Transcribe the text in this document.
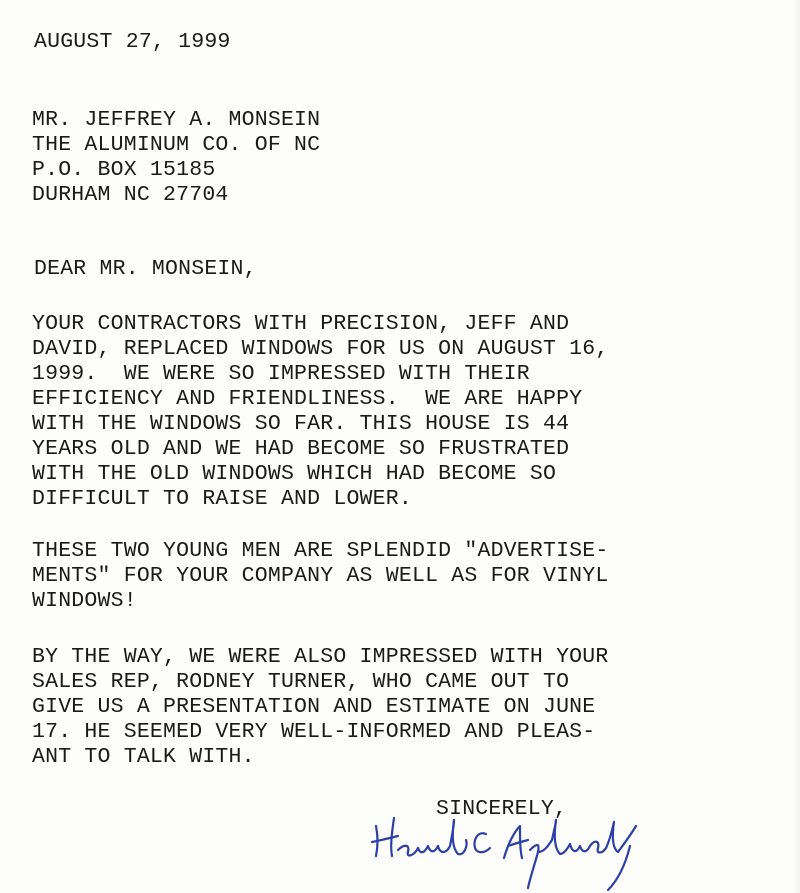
AUGUST 27, 1999
MR. JEFFREY A. MONSEIN
THE ALUMINUM CO. OF NC
P.O. BOX 15185
DURHAM NC 27704
DEAR MR. MONSEIN,
YOUR CONTRACTORS WITH PRECISION, JEFF AND
DAVID, REPLACED WINDOWS FOR US ON AUGUST 16,
1999.  WE WERE SO IMPRESSED WITH THEIR
EFFICIENCY AND FRIENDLINESS.  WE ARE HAPPY
WITH THE WINDOWS SO FAR. THIS HOUSE IS 44
YEARS OLD AND WE HAD BECOME SO FRUSTRATED
WITH THE OLD WINDOWS WHICH HAD BECOME SO
DIFFICULT TO RAISE AND LOWER.
THESE TWO YOUNG MEN ARE SPLENDID "ADVERTISE-
MENTS" FOR YOUR COMPANY AS WELL AS FOR VINYL
WINDOWS!
BY THE WAY, WE WERE ALSO IMPRESSED WITH YOUR
SALES REP, RODNEY TURNER, WHO CAME OUT TO
GIVE US A PRESENTATION AND ESTIMATE ON JUNE
17. HE SEEMED VERY WELL-INFORMED AND PLEAS-
ANT TO TALK WITH.
SINCERELY,
